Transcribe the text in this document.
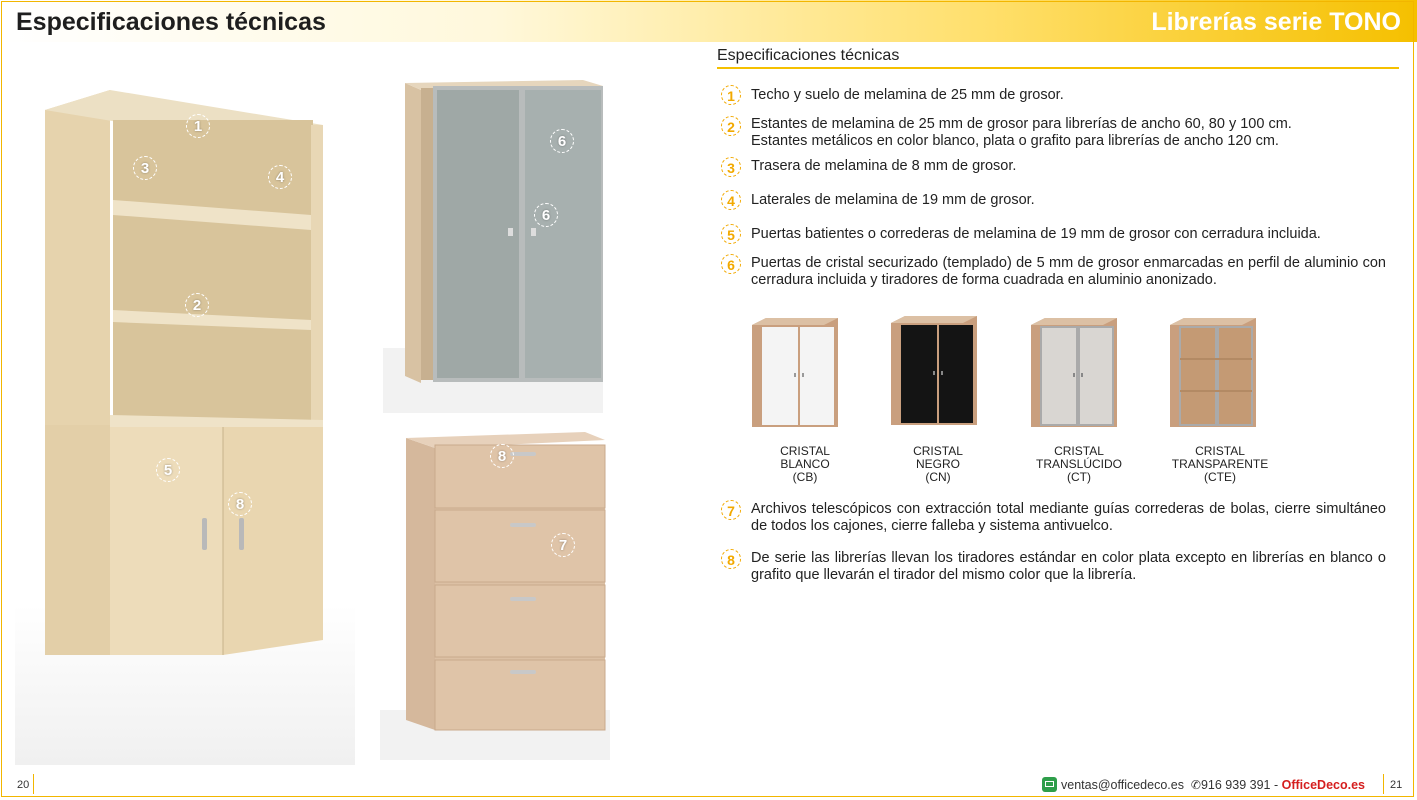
Especificaciones técnicas	Librerías serie TONO
1
3
4
2
5
8
6
6
8
7
Especificaciones técnicas
1	Techo y suelo de melamina de 25 mm de grosor.
2	Estantes de melamina de 25 mm de grosor para librerías de ancho 60, 80 y 100 cm.
Estantes metálicos en color blanco, plata o grafito para librerías de ancho 120 cm.
3	Trasera de melamina de 8 mm de grosor.
4	Laterales de melamina de 19 mm de grosor.
5	Puertas batientes o correderas de melamina de 19 mm de grosor con cerradura incluida.
6	Puertas de cristal securizado (templado) de 5 mm de grosor enmarcadas en perfil de aluminio con cerradura incluida y tiradores de forma cuadrada en aluminio anonizado.
CRISTAL
BLANCO
(CB)
CRISTAL
NEGRO
(CN)
CRISTAL
TRANSLÚCIDO
(CT)
CRISTAL
TRANSPARENTE
(CTE)
7	Archivos telescópicos con extracción total mediante guías correderas de bolas, cierre simultáneo de todos los cajones, cierre falleba y sistema antivuelco.
8	De serie las librerías llevan los tiradores estándar en color plata excepto en librerías en blanco o grafito que llevarán el tirador del mismo color que la librería.
20	ventas@officedeco.es ✆916 939 391 - OfficeDeco.es 21
